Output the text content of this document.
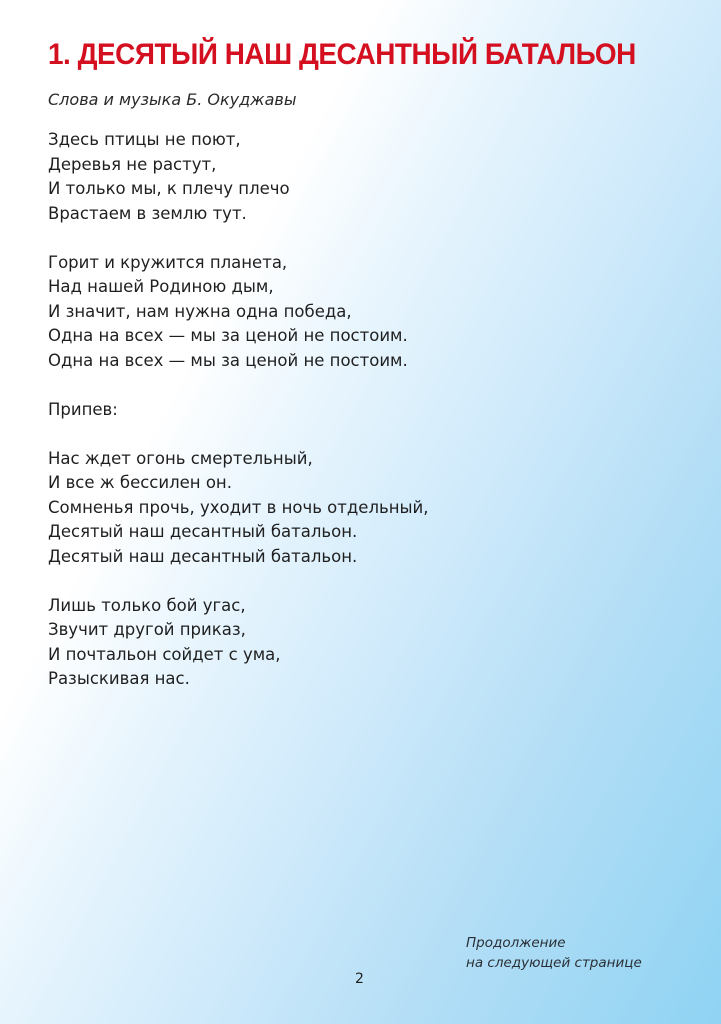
1. ДЕСЯТЫЙ НАШ ДЕСАНТНЫЙ БАТАЛЬОН
Слова и музыка Б. Окуджавы
Здесь птицы не поют,
Деревья не растут,
И только мы, к плечу плечо
Врастаем в землю тут.
Горит и кружится планета,
Над нашей Родиною дым,
И значит, нам нужна одна победа,
Одна на всех — мы за ценой не постоим.
Одна на всех — мы за ценой не постоим.
Припев:
Нас ждет огонь смертельный,
И все ж бессилен он.
Сомненья прочь, уходит в ночь отдельный,
Десятый наш десантный батальон.
Десятый наш десантный батальон.
Лишь только бой угас,
Звучит другой приказ,
И почтальон сойдет с ума,
Разыскивая нас.
Продолжение
на следующей странице
2
